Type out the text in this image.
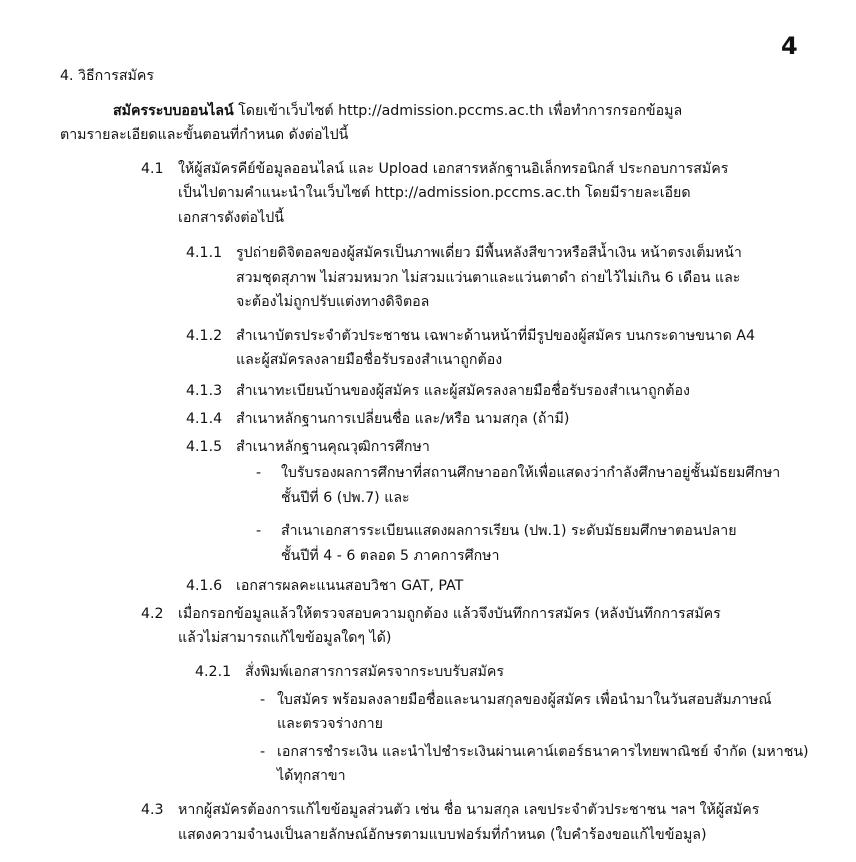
4
4. วิธีการสมัคร
สมัครระบบออนไลน์ โดยเข้าเว็บไซต์ http://admission.pccms.ac.th เพื่อทำการกรอกข้อมูล
ตามรายละเอียดและขั้นตอนที่กำหนด ดังต่อไปนี้
4.1 ให้ผู้สมัครคีย์ข้อมูลออนไลน์ และ Upload เอกสารหลักฐานอิเล็กทรอนิกส์ ประกอบการสมัคร
เป็นไปตามคำแนะนำในเว็บไซต์ http://admission.pccms.ac.th โดยมีรายละเอียด
เอกสารดังต่อไปนี้
4.1.1 รูปถ่ายดิจิตอลของผู้สมัครเป็นภาพเดี่ยว มีพื้นหลังสีขาวหรือสีน้ำเงิน หน้าตรงเต็มหน้า
สวมชุดสุภาพ ไม่สวมหมวก ไม่สวมแว่นตาและแว่นตาดำ ถ่ายไว้ไม่เกิน 6 เดือน และ
จะต้องไม่ถูกปรับแต่งทางดิจิตอล
4.1.2 สำเนาบัตรประจำตัวประชาชน เฉพาะด้านหน้าที่มีรูปของผู้สมัคร บนกระดาษขนาด A4
และผู้สมัครลงลายมือชื่อรับรองสำเนาถูกต้อง
4.1.3 สำเนาทะเบียนบ้านของผู้สมัคร และผู้สมัครลงลายมือชื่อรับรองสำเนาถูกต้อง
4.1.4 สำเนาหลักฐานการเปลี่ยนชื่อ และ/หรือ นามสกุล (ถ้ามี)
4.1.5 สำเนาหลักฐานคุณวุฒิการศึกษา
- ใบรับรองผลการศึกษาที่สถานศึกษาออกให้เพื่อแสดงว่ากำลังศึกษาอยู่ชั้นมัธยมศึกษา
ชั้นปีที่ 6 (ปพ.7) และ
- สำเนาเอกสารระเบียนแสดงผลการเรียน (ปพ.1) ระดับมัธยมศึกษาตอนปลาย
ชั้นปีที่ 4 - 6 ตลอด 5 ภาคการศึกษา
4.1.6 เอกสารผลคะแนนสอบวิชา GAT, PAT
4.2 เมื่อกรอกข้อมูลแล้วให้ตรวจสอบความถูกต้อง แล้วจึงบันทึกการสมัคร (หลังบันทึกการสมัคร
แล้วไม่สามารถแก้ไขข้อมูลใดๆ ได้)
4.2.1 สั่งพิมพ์เอกสารการสมัครจากระบบรับสมัคร
- ใบสมัคร พร้อมลงลายมือชื่อและนามสกุลของผู้สมัคร เพื่อนำมาในวันสอบสัมภาษณ์
และตรวจร่างกาย
- เอกสารชำระเงิน และนำไปชำระเงินผ่านเคาน์เตอร์ธนาคารไทยพาณิชย์ จำกัด (มหาชน)
ได้ทุกสาขา
4.3 หากผู้สมัครต้องการแก้ไขข้อมูลส่วนตัว เช่น ชื่อ นามสกุล เลขประจำตัวประชาชน ฯลฯ ให้ผู้สมัคร
แสดงความจำนงเป็นลายลักษณ์อักษรตามแบบฟอร์มที่กำหนด (ใบคำร้องขอแก้ไขข้อมูล)
